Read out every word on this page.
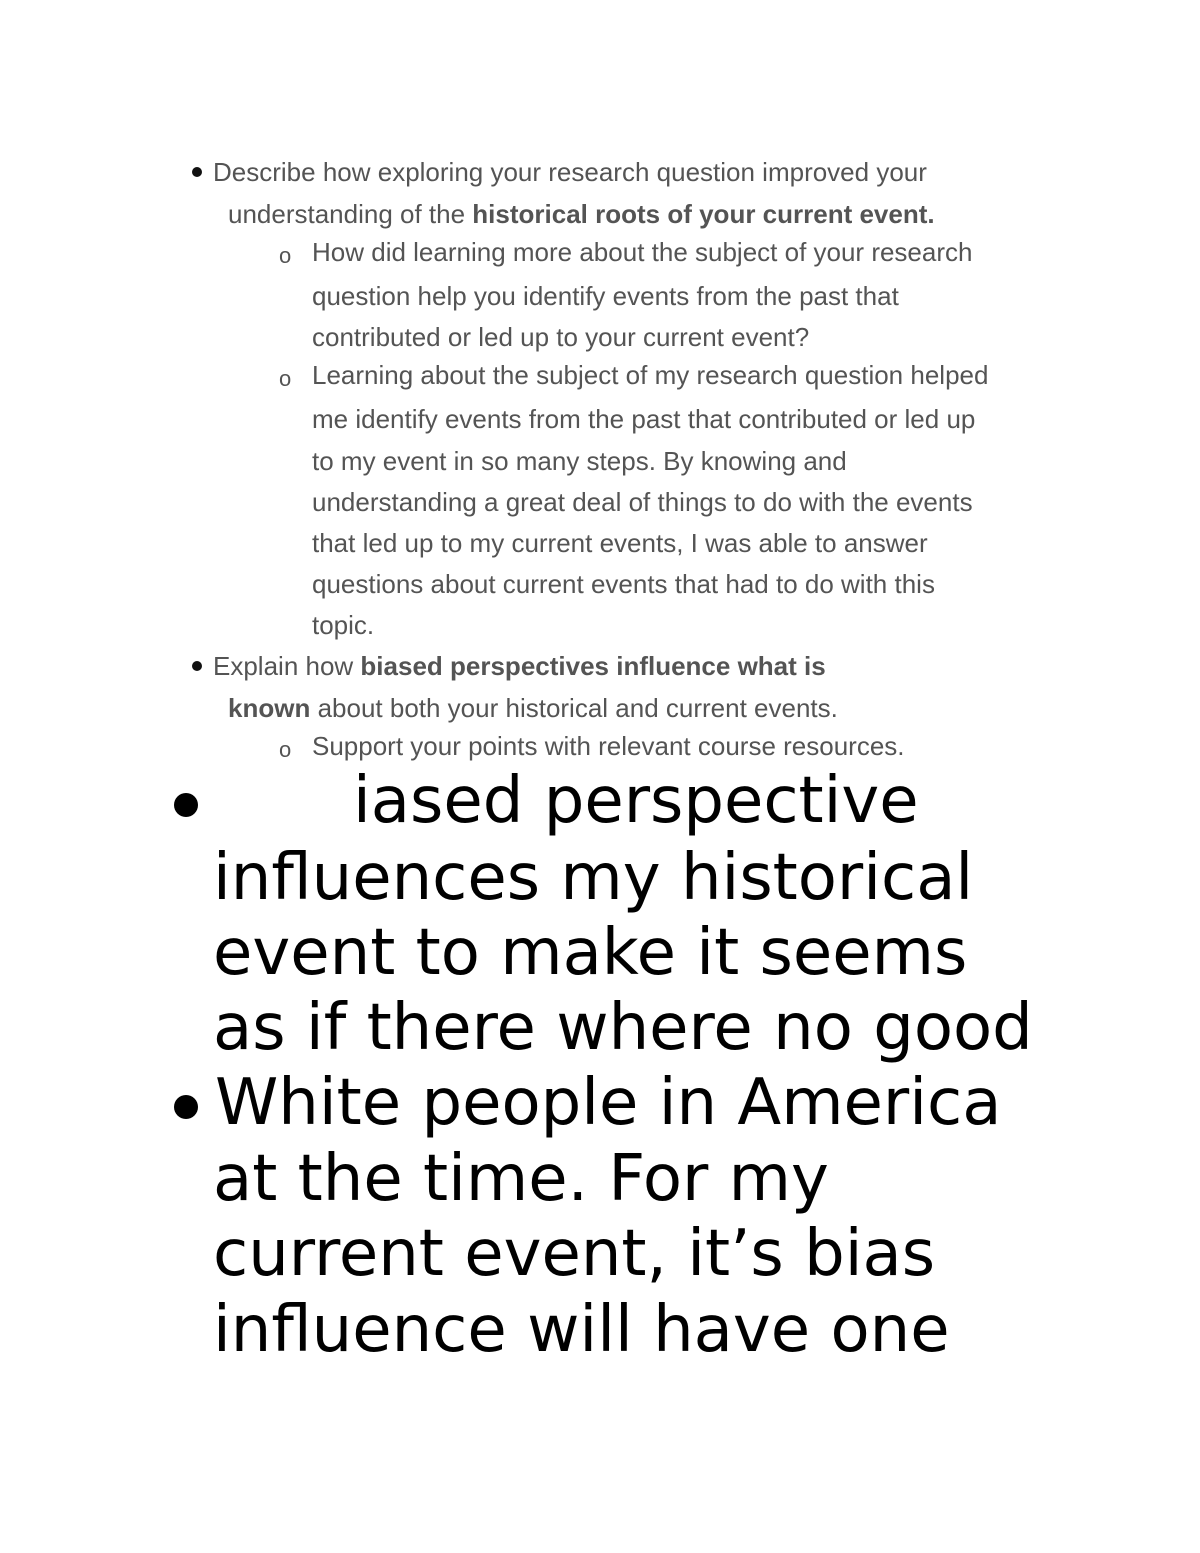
Describe how exploring your research question improved your
understanding of the historical roots of your current event.
o How did learning more about the subject of your research
question help you identify events from the past that
contributed or led up to your current event?
o Learning about the subject of my research question helped
me identify events from the past that contributed or led up
to my event in so many steps. By knowing and
understanding a great deal of things to do with the events
that led up to my current events, I was able to answer
questions about current events that had to do with this
topic.
Explain how biased perspectives influence what is
known about both your historical and current events.
o Support your points with relevant course resources.
iased perspective
influences my historical
event to make it seems
as if there where no good
White people in America
at the time. For my
current event, it’s bias
influence will have one
